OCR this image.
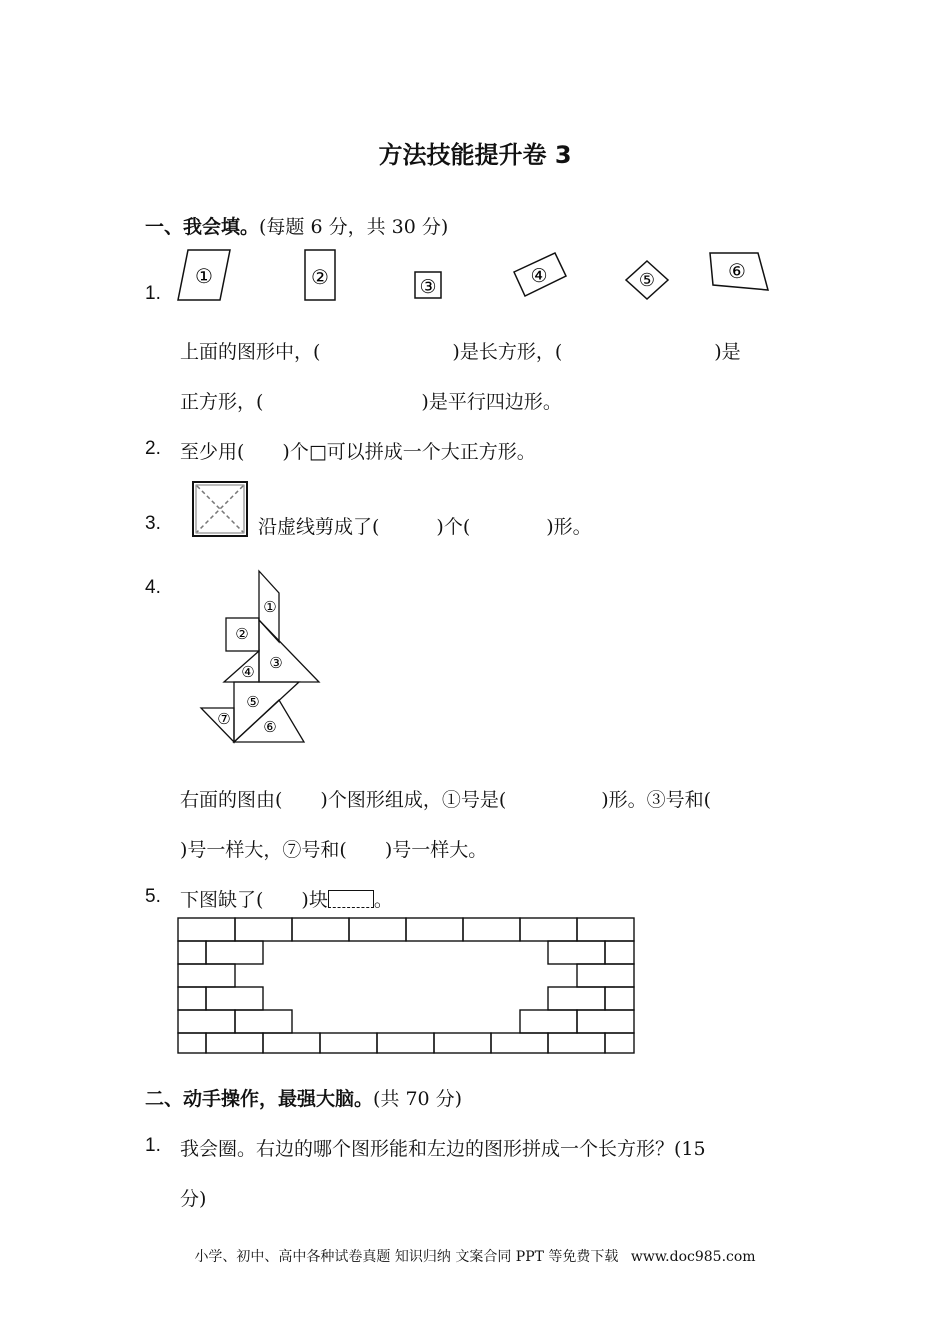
方法技能提升卷 3
一、我会填。(每题 6 分，共 30 分)
1.
①	②	③	④	⑤	⑥
上面的图形中，(	)是长方形，(	)是
正方形，(	)是平行四边形。
2. 至少用(　　)个□可以拼成一个大正方形。
3.	沿虚线剪成了(　　　)个(　　　　)形。
4.
①
②
③
④
⑤
⑥
⑦
右面的图由(　　)个图形组成，①号是(　　　　　)形。③号和(
)号一样大，⑦号和(　　)号一样大。
5. 下图缺了(　　)块 。
二、动手操作，最强大脑。(共 70 分)
1. 我会圈。右边的哪个图形能和左边的图形拼成一个长方形？(15
分)
小学、初中、高中各种试卷真题 知识归纳 文案合同 PPT 等免费下载 www.doc985.com
